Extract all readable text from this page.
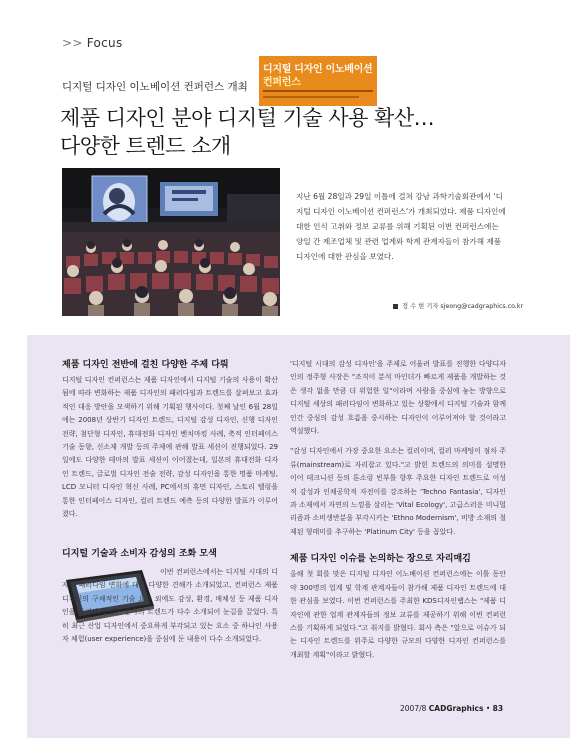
>> Focus
디지털 디자인 이노베이션
컨퍼런스
디지털 디자인 이노베이션 컨퍼런스 개최
제품 디자인 분야 디지털 기술 사용 확산…
다양한 트렌드 소개
지난 6월 28일과 29일 이틀에 걸쳐 강남 과학기술회관에서 '디지털 디자인 이노베이션 컨퍼런스'가 개최되었다. 제품 디자인에 대한 인식 고취와 정보 교류를 위해 기획된 이번 컨퍼런스에는 양일 간 제조업체 및 관련 업계와 학계 관계자들이 참가해 제품 디자인에 대한 관심을 보였다.
정 수 현 기자 sjeong@cadgraphics.co.kr

제품 디자인 전반에 걸친 다양한 주제 다뤄

디지털 디자인 컨퍼런스는 제품 디자인에서 디지털 기술의 사용이 확산됨에 따라 변화하는 제품 디자인의 패러다임과 트렌드를 살펴보고 효과적인 대응 방안을 모색하기 위해 기획된 행사이다. 첫째 날인 6월 28일에는 2008년 상반기 디자인 트렌드, 디지털 감성 디자인, 신행 디자인 전략, 첨단형 디자인, 휴대전화 디자인 벤치마킹 사례, 축적 인터페이스 기술 동향, 신소재 개발 등의 주제에 관해 발표 세션이 진행되었다. 29일에도 다양한 테마의 발표 세션이 이어졌는데, 일본의 휴대전화 디자인 트렌드, 글로벌 디자인 전술 전략, 감성 디자인을 통한 명품 마케팅, LCD 모니터 디자인 혁신 사례, PC에서의 휴먼 디자인, 스토리 텔링을 통한 인터페이스 디자인, 컬러 트렌드 예측 등의 다양한 발표가 이루어졌다.

디지털 기술과 소비자 감성의 조화 모색

이번 컨퍼런스에서는 디지털 시대의 디자인 패러다임 변화에 대한 다양한 견해가 소개되었고, 컨퍼런스 제품 디자인의 구체적인 기술 요소 외에도 감성, 환경, 매체성 등 제품 디자인을 둘러싼 폭넓은 분야의 트렌드가 다수 소개되어 눈길을 끌었다. 특히 최근 산업 디자인에서 중요하게 부각되고 있는 요소 중 하나인 사용자 체험(user experience)을 중심에 둔 내용이 다수 소개되었다.

'디지털 시대의 감성 디자인'을 주제로 어울려 발표를 진행한 다양디자인의 정주형 사장은 "조직이 분석 마인더가 빠르게 제품을 개발하는 것은 생각 없을 만큼 더 위험한 일"이라며 사람을 중심에 놓는 방향으로 디지털 세상의 패러다임이 변화하고 있는 상황에서 디지털 기술과 함께 인간 중심의 감성 흐름을 중시하는 디자인이 이루어져야 할 것이라고 역설했다.

"감성 디자인에서 가장 중요한 요소는 컬러이며, 컬러 마케팅이 점차 주류(mainstream)로 자리잡고 있다."고 밝힌 트렌드의 의미를 설명한 이어 테크니션 등의 톤소링 빈부틀 향후 주요한 디자인 트렌드로 이성적 감성과 인체공학적 자전이를 강조하는 'Techno Fantasia', 디자인과 소재에서 자연의 느낌을 살리는 'Vital Ecology', 고급스러운 미니멀리즘과 소비생반분을 부각시키는 'Ethno Modernism', 비방 소재의 절제된 형태미를 추구하는 'Platinum City' 등을 꼽았다.

제품 디자인 이슈를 논의하는 장으로 자리매김

올해 첫 회를 맞은 디지털 디자인 이노베이션 컨퍼런스에는 이틀 동안 약 300명의 업계 및 학계 관계자들이 참가해 제품 디자인 트렌드에 대한 관심을 보였다. 이번 컨퍼런스를 주최한 KDS디자인랩스는 "제품 디자인에 관한 업계 관계자들의 정보 교류를 제공하기 위해 이번 컨퍼런스를 기획하게 되었다."고 취지를 밝혔다. 회사 측은 "앞으로 이슈가 되는 디자인 트렌드를 위주로 다양한 규모의 다양한 디자인 컨퍼런스를 개최할 계획"이라고 밝혔다.

2007/8 CADGraphics • 83
